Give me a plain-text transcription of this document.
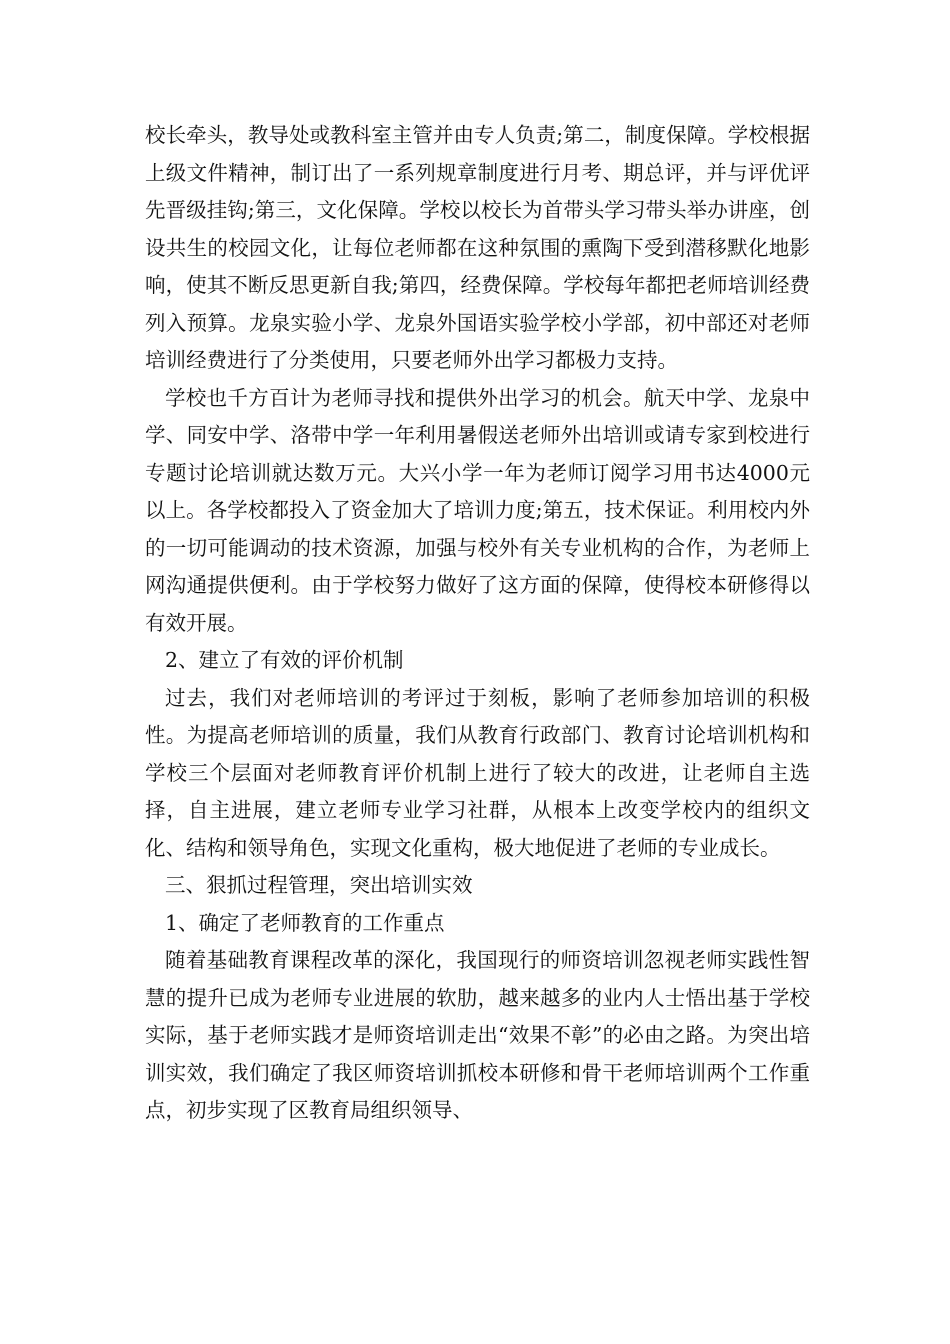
校长牵头，教导处或教科室主管并由专人负责;第二，制度保障。学校根据上级文件精神，制订出了一系列规章制度进行月考、期总评，并与评优评先晋级挂钩;第三，文化保障。学校以校长为首带头学习带头举办讲座，创设共生的校园文化，让每位老师都在这种氛围的熏陶下受到潜移默化地影响，使其不断反思更新自我;第四，经费保障。学校每年都把老师培训经费列入预算。龙泉实验小学、龙泉外国语实验学校小学部，初中部还对老师培训经费进行了分类使用，只要老师外出学习都极力支持。

学校也千方百计为老师寻找和提供外出学习的机会。航天中学、龙泉中学、同安中学、洛带中学一年利用暑假送老师外出培训或请专家到校进行专题讨论培训就达数万元。大兴小学一年为老师订阅学习用书达4000元以上。各学校都投入了资金加大了培训力度;第五，技术保证。利用校内外的一切可能调动的技术资源，加强与校外有关专业机构的合作，为老师上网沟通提供便利。由于学校努力做好了这方面的保障，使得校本研修得以有效开展。

2、建立了有效的评价机制

过去，我们对老师培训的考评过于刻板，影响了老师参加培训的积极性。为提高老师培训的质量，我们从教育行政部门、教育讨论培训机构和学校三个层面对老师教育评价机制上进行了较大的改进，让老师自主选择，自主进展，建立老师专业学习社群，从根本上改变学校内的组织文化、结构和领导角色，实现文化重构，极大地促进了老师的专业成长。

三、狠抓过程管理，突出培训实效

1、确定了老师教育的工作重点

随着基础教育课程改革的深化，我国现行的师资培训忽视老师实践性智慧的提升已成为老师专业进展的软肋，越来越多的业内人士悟出基于学校实际，基于老师实践才是师资培训走出“效果不彰”的必由之路。为突出培训实效，我们确定了我区师资培训抓校本研修和骨干老师培训两个工作重点，初步实现了区教育局组织领导、
